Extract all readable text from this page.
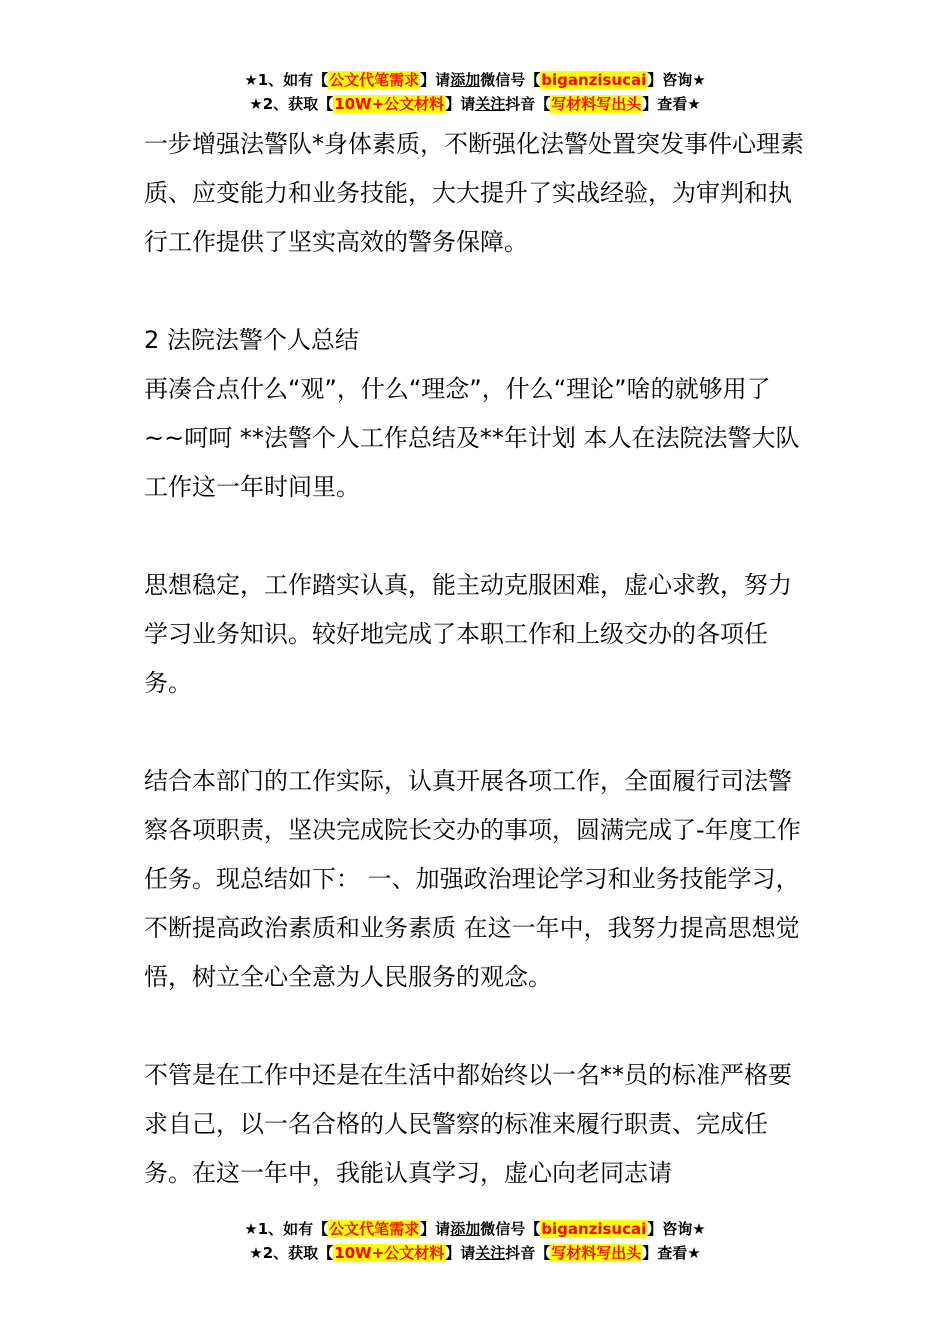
★1、如有【公文代笔需求】请添加微信号【biganzisucai】咨询★
★2、获取【10W+公文材料】请关注抖音【写材料写出头】查看★

一步增强法警队*身体素质，不断强化法警处置突发事件心理素质、应变能力和业务技能，大大提升了实战经验，为审判和执行工作提供了坚实高效的警务保障。

2 法院法警个人总结

再凑合点什么“观”，什么“理念”，什么“理论”啥的就够用了~~呵呵 **法警个人工作总结及**年计划 本人在法院法警大队工作这一年时间里。

思想稳定，工作踏实认真，能主动克服困难，虚心求教，努力学习业务知识。较好地完成了本职工作和上级交办的各项任务。

结合本部门的工作实际，认真开展各项工作，全面履行司法警察各项职责，坚决完成院长交办的事项，圆满完成了-年度工作任务。现总结如下： 一、加强政治理论学习和业务技能学习，不断提高政治素质和业务素质 在这一年中，我努力提高思想觉悟，树立全心全意为人民服务的观念。

不管是在工作中还是在生活中都始终以一名**员的标准严格要求自己，以一名合格的人民警察的标准来履行职责、完成任务。在这一年中，我能认真学习，虚心向老同志请

★1、如有【公文代笔需求】请添加微信号【biganzisucai】咨询★
★2、获取【10W+公文材料】请关注抖音【写材料写出头】查看★
